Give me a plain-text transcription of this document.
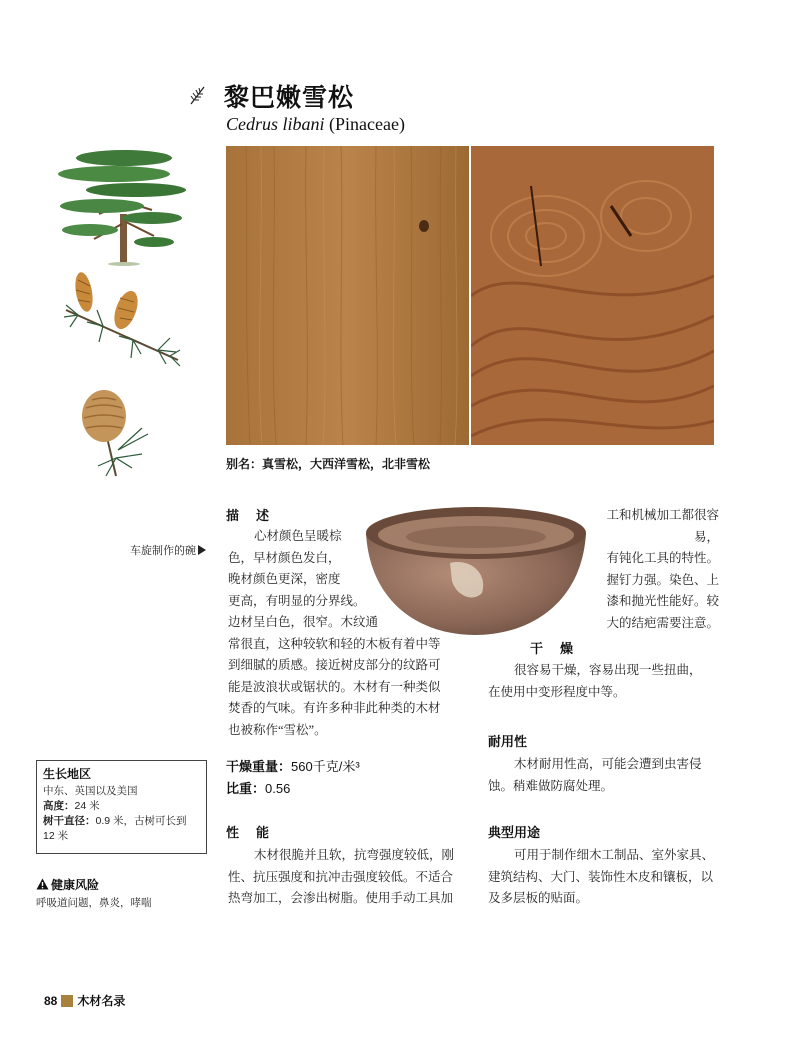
黎巴嫩雪松
Cedrus libani (Pinaceae)
别名：真雪松，大西洋雪松，北非雪松
车旋制作的碗
描　述
心材颜色呈暖棕
色，早材颜色发白，
晚材颜色更深，密度
更高，有明显的分界线。
边材呈白色，很窄。木纹通
常很直，这种较软和轻的木板有着中等
到细腻的质感。接近树皮部分的纹路可
能是波浪状或锯状的。木材有一种类似
焚香的气味。有许多种非此种类的木材
也被称作“雪松”。
干燥重量：560千克/米³
比重：0.56
性　能
木材很脆并且软，抗弯强度较低，刚
性、抗压强度和抗冲击强度较低。不适合
热弯加工，会渗出树脂。使用手动工具加
工和机械加工都很容易，
有钝化工具的特性。
握钉力强。染色、上
漆和抛光性能好。较
大的结疤需要注意。
干　燥
很容易干燥，容易出现一些扭曲，
在使用中变形程度中等。
耐用性
木材耐用性高，可能会遭到虫害侵
蚀。稍难做防腐处理。
典型用途
可用于制作细木工制品、室外家具、
建筑结构、大门、装饰性木皮和镶板，以
及多层板的贴面。
生长地区
中东、英国以及美国
高度：24 米
树干直径：0.9 米，古树可长到 12 米
健康风险
呼吸道问题，鼻炎，哮喘
88 木材名录
